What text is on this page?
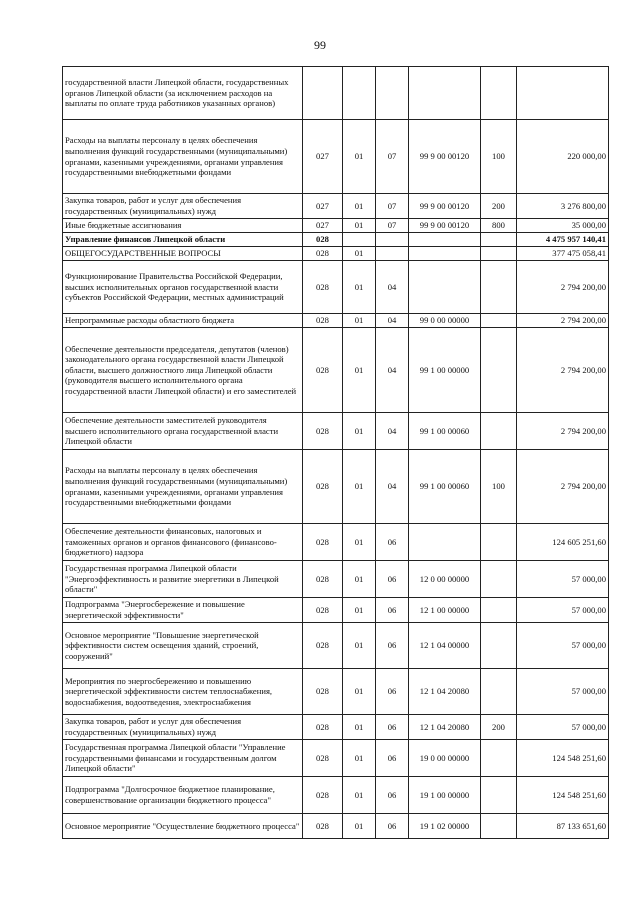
99
государственной власти Липецкой области, государственных органов Липецкой области (за исключением расходов на выплаты по оплате труда работников указанных органов)						
Расходы на выплаты персоналу в целях обеспечения выполнения функций государственными (муниципальными) органами, казенными учреждениями, органами управления государственными внебюджетными фондами	027	01	07	99 9 00 00120	100	220 000,00
Закупка товаров, работ и услуг для обеспечения государственных (муниципальных) нужд	027	01	07	99 9 00 00120	200	3 276 800,00
Иные бюджетные ассигнования	027	01	07	99 9 00 00120	800	35 000,00
Управление финансов Липецкой области	028					4 475 957 140,41
ОБЩЕГОСУДАРСТВЕННЫЕ ВОПРОСЫ	028	01				377 475 058,41
Функционирование Правительства Российской Федерации, высших исполнительных органов государственной власти субъектов Российской Федерации, местных администраций	028	01	04			2 794 200,00
Непрограммные расходы областного бюджета	028	01	04	99 0 00 00000		2 794 200,00
Обеспечение деятельности председателя, депутатов (членов) законодательного органа государственной власти Липецкой области, высшего должностного лица Липецкой области (руководителя высшего исполнительного органа государственной власти Липецкой области) и его заместителей	028	01	04	99 1 00 00000		2 794 200,00
Обеспечение деятельности заместителей руководителя высшего исполнительного органа государственной власти Липецкой области	028	01	04	99 1 00 00060		2 794 200,00
Расходы на выплаты персоналу в целях обеспечения выполнения функций государственными (муниципальными) органами, казенными учреждениями, органами управления государственными внебюджетными фондами	028	01	04	99 1 00 00060	100	2 794 200,00
Обеспечение деятельности финансовых, налоговых и таможенных органов и органов финансового (финансово-бюджетного) надзора	028	01	06			124 605 251,60
Государственная программа Липецкой области "Энергоэффективность и развитие энергетики в Липецкой области"	028	01	06	12 0 00 00000		57 000,00
Подпрограмма "Энергосбережение и повышение энергетической эффективности"	028	01	06	12 1 00 00000		57 000,00
Основное мероприятие "Повышение энергетической эффективности систем освещения зданий, строений, сооружений"	028	01	06	12 1 04 00000		57 000,00
Мероприятия по энергосбережению и повышению энергетической эффективности систем теплоснабжения, водоснабжения, водоотведения, электроснабжения	028	01	06	12 1 04 20080		57 000,00
Закупка товаров, работ и услуг для обеспечения государственных (муниципальных) нужд	028	01	06	12 1 04 20080	200	57 000,00
Государственная программа Липецкой области "Управление государственными финансами и государственным долгом Липецкой области"	028	01	06	19 0 00 00000		124 548 251,60
Подпрограмма "Долгосрочное бюджетное планирование, совершенствование организации бюджетного процесса"	028	01	06	19 1 00 00000		124 548 251,60
Основное мероприятие "Осуществление бюджетного процесса"	028	01	06	19 1 02 00000		87 133 651,60
